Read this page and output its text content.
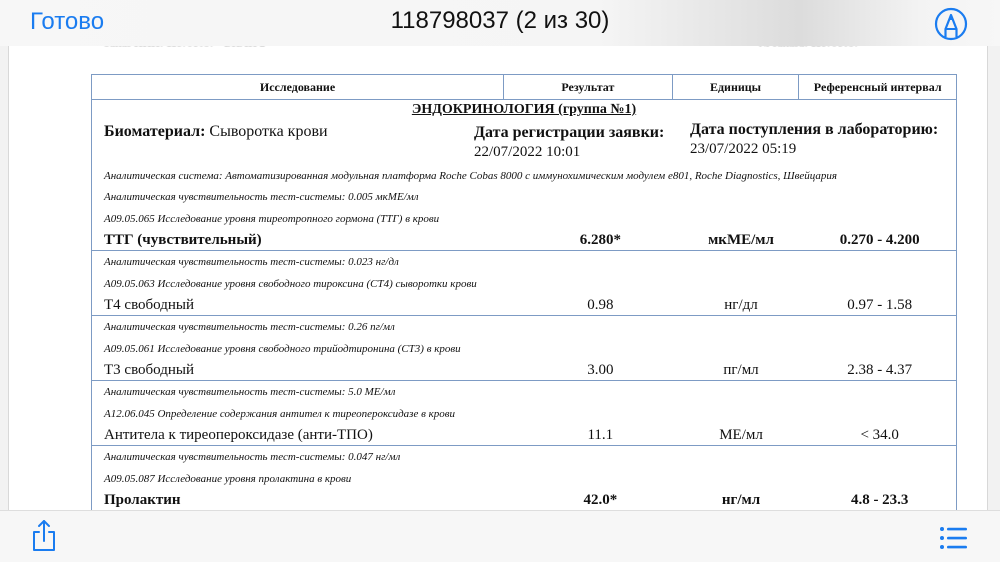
Готово	118798037 (2 из 30)
Исследование	Результат	Единицы	Референсный интервал
ЭНДОКРИНОЛОГИЯ (группа №1)
Биоматериал: Сыворотка крови	Дата регистрации заявки:
22/07/2022 10:01
Дата поступления в лабораторию:
23/07/2022 05:19
Аналитическая система: Автоматизированная модульная платформа Roche Cobas 8000 с иммунохимическим модулем e801, Roche Diagnostics, Швейцария
Аналитическая чувствительность тест-системы: 0.005 мкМЕ/мл
A09.05.065 Исследование уровня тиреотропного гормона (ТТГ) в крови
ТТГ (чувствительный)	6.280*	мкМЕ/мл	0.270 - 4.200
Аналитическая чувствительность тест-системы: 0.023 нг/дл
A09.05.063 Исследование уровня свободного тироксина (СТ4) сыворотки крови
Т4 свободный	0.98	нг/дл	0.97 - 1.58
Аналитическая чувствительность тест-системы: 0.26 пг/мл
A09.05.061 Исследование уровня свободного трийодтиронина (СТ3) в крови
Т3 свободный	3.00	пг/мл	2.38 - 4.37
Аналитическая чувствительность тест-системы: 5.0 МЕ/мл
A12.06.045 Определение содержания антител к тиреопероксидазе в крови
Антитела к тиреопероксидазе (анти-ТПО)	11.1	МЕ/мл	< 34.0
Аналитическая чувствительность тест-системы: 0.047 нг/мл
A09.05.087 Исследование уровня пролактина в крови
Пролактин	42.0*	нг/мл	4.8 - 23.3
